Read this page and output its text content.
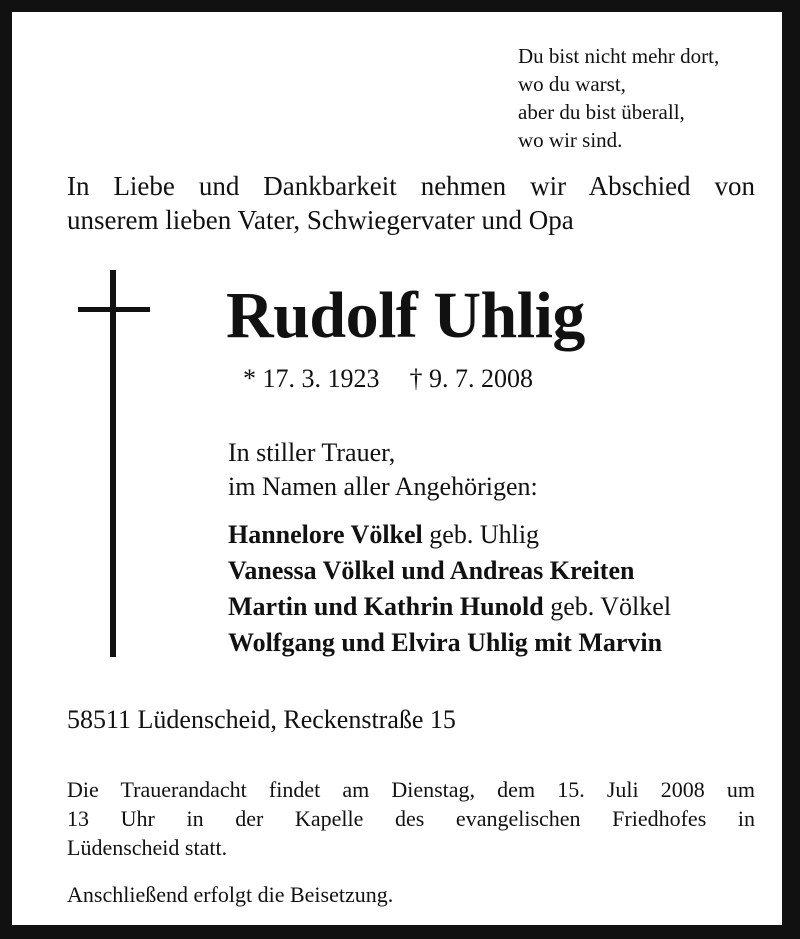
Du bist nicht mehr dort,
wo du warst,
aber du bist überall,
wo wir sind.
In Liebe und Dankbarkeit nehmen wir Abschied von
unserem lieben Vater, Schwiegervater und Opa
Rudolf Uhlig
* 17. 3. 1923 † 9. 7. 2008
In stiller Trauer,
im Namen aller Angehörigen:
Hannelore Völkel geb. Uhlig
Vanessa Völkel und Andreas Kreiten
Martin und Kathrin Hunold geb. Völkel
Wolfgang und Elvira Uhlig mit Marvin
58511 Lüdenscheid, Reckenstraße 15
Die Trauerandacht findet am Dienstag, dem 15. Juli 2008 um
13 Uhr in der Kapelle des evangelischen Friedhofes in
Lüdenscheid statt.
Anschließend erfolgt die Beisetzung.
